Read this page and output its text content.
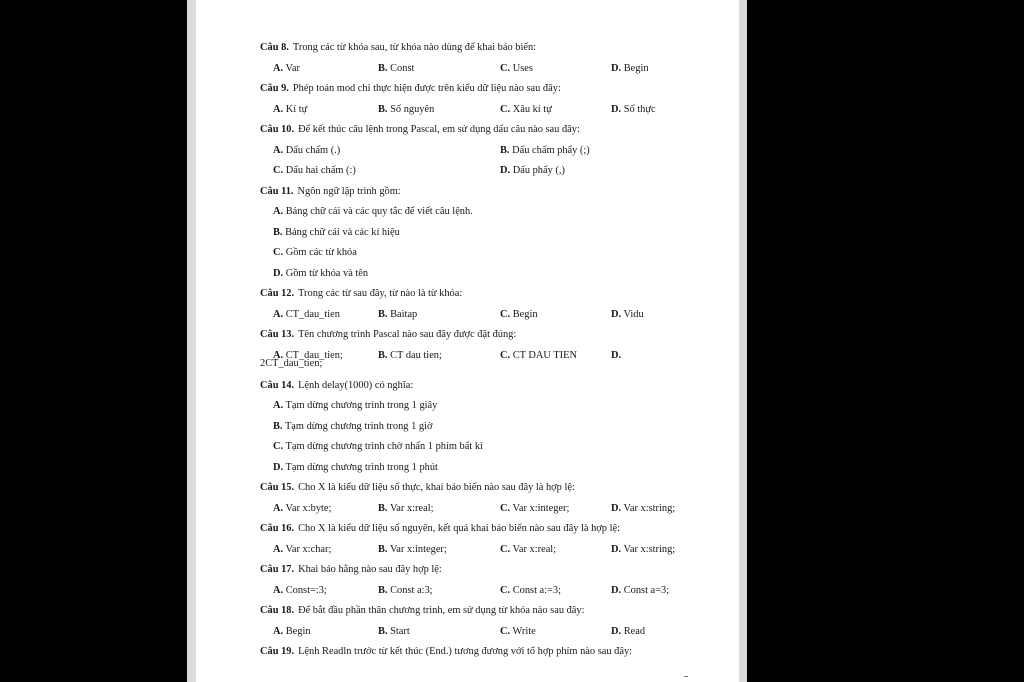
Câu 8. Trong các từ khóa sau, từ khóa nào dùng để khai báo biến:
A. Var	B. Const	C. Uses	D. Begin
Câu 9. Phép toán mod chỉ thực hiện được trên kiểu dữ liệu nào sau đây:
A. Kí tự	B. Số nguyên	C. Xâu kí tự	D. Số thực
Câu 10. Để kết thúc câu lệnh trong Pascal, em sử dụng dấu câu nào sau đây:
A. Dấu chấm (.)	B. Dấu chấm phẩy (;)
C. Dấu hai chấm (:)	D. Dấu phẩy (,)
Câu 11. Ngôn ngữ lập trình gồm:
A. Bảng chữ cái và các quy tắc để viết câu lệnh.
B. Bảng chữ cái và các kí hiệu
C. Gồm các từ khóa
D. Gồm từ khóa và tên
Câu 12. Trong các từ sau đây, từ nào là từ khóa:
A. CT_dau_tien	B. Baitap	C. Begin	D. Vidu
Câu 13. Tên chương trình Pascal nào sau đây được đặt đúng:
A. CT_dau_tien;	B. CT dau tien;	C. CT DAU TIEN	D.
2CT_dau_tien;
Câu 14. Lệnh delay(1000) có nghĩa:
A. Tạm dừng chương trình trong 1 giây
B. Tạm dừng chương trình trong 1 giờ
C. Tạm dừng chương trình chờ nhấn 1 phím bất kì
D. Tạm dừng chương trình trong 1 phút
Câu 15. Cho X là kiểu dữ liệu số thực, khai báo biến nào sau đây là hợp lệ:
A. Var x:byte;	B. Var x:real;	C. Var x:integer;	D. Var x:string;
Câu 16. Cho X là kiểu dữ liệu số nguyên, kết quả khai báo biến nào sau đây là hợp lệ:
A. Var x:char;	B. Var x:integer;	C. Var x:real;	D. Var x:string;
Câu 17. Khai báo hằng nào sau đây hợp lệ:
A. Const=:3;	B. Const a:3;	C. Const a:=3;	D. Const a=3;
Câu 18. Để bắt đầu phần thân chương trình, em sử dụng từ khóa nào sau đây:
A. Begin	B. Start	C. Write	D. Read
Câu 19. Lệnh Readln trước từ kết thúc (End.) tương đương với tổ hợp phím nào sau đây:
